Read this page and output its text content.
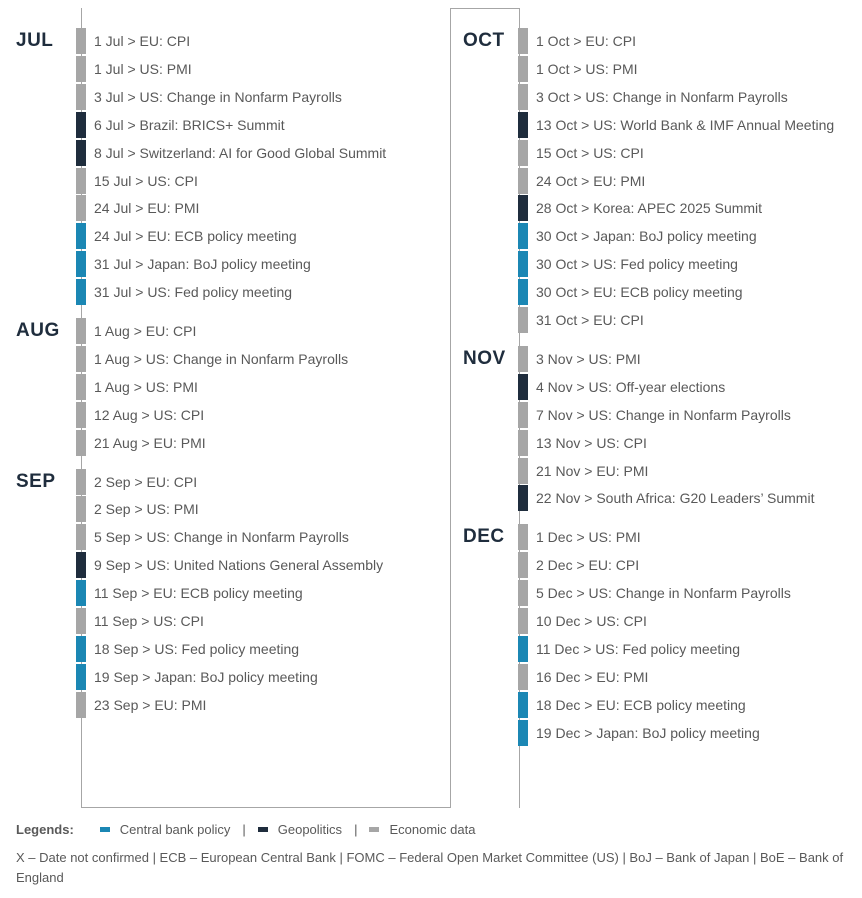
JUL	1 Jul > EU: CPI
1 Jul > US: PMI
3 Jul > US: Change in Nonfarm Payrolls
6 Jul > Brazil: BRICS+ Summit
8 Jul > Switzerland: AI for Good Global Summit
15 Jul > US: CPI
24 Jul > EU: PMI
24 Jul > EU: ECB policy meeting
31 Jul > Japan: BoJ policy meeting
31 Jul > US: Fed policy meeting
AUG 1 Aug > EU: CPI
1 Aug > US: Change in Nonfarm Payrolls
1 Aug > US: PMI
12 Aug > US: CPI
21 Aug > EU: PMI
SEP	2 Sep > EU: CPI
2 Sep > US: PMI
5 Sep > US: Change in Nonfarm Payrolls
9 Sep > US: United Nations General Assembly
11 Sep > EU: ECB policy meeting
11 Sep > US: CPI
18 Sep > US: Fed policy meeting
19 Sep > Japan: BoJ policy meeting
23 Sep > EU: PMI
OCT 1 Oct > EU: CPI
1 Oct > US: PMI
3 Oct > US: Change in Nonfarm Payrolls
13 Oct > US: World Bank & IMF Annual Meeting
15 Oct > US: CPI
24 Oct > EU: PMI
28 Oct > Korea: APEC 2025 Summit
30 Oct > Japan: BoJ policy meeting
30 Oct > US: Fed policy meeting
30 Oct > EU: ECB policy meeting
31 Oct > EU: CPI
NOV 3 Nov > US: PMI
4 Nov > US: Off-year elections
7 Nov > US: Change in Nonfarm Payrolls
13 Nov > US: CPI
21 Nov > EU: PMI
22 Nov > South Africa: G20 Leaders’ Summit
DEC 1 Dec > US: PMI
2 Dec > EU: CPI
5 Dec > US: Change in Nonfarm Payrolls
10 Dec > US: CPI
11 Dec > US: Fed policy meeting
16 Dec > EU: PMI
18 Dec > EU: ECB policy meeting
19 Dec > Japan: BoJ policy meeting
Legends:	Central bank policy | Geopolitics | Economic data
X – Date not confirmed | ECB – European Central Bank | FOMC – Federal Open Market Committee (US) | BoJ – Bank of Japan | BoE – Bank of England
